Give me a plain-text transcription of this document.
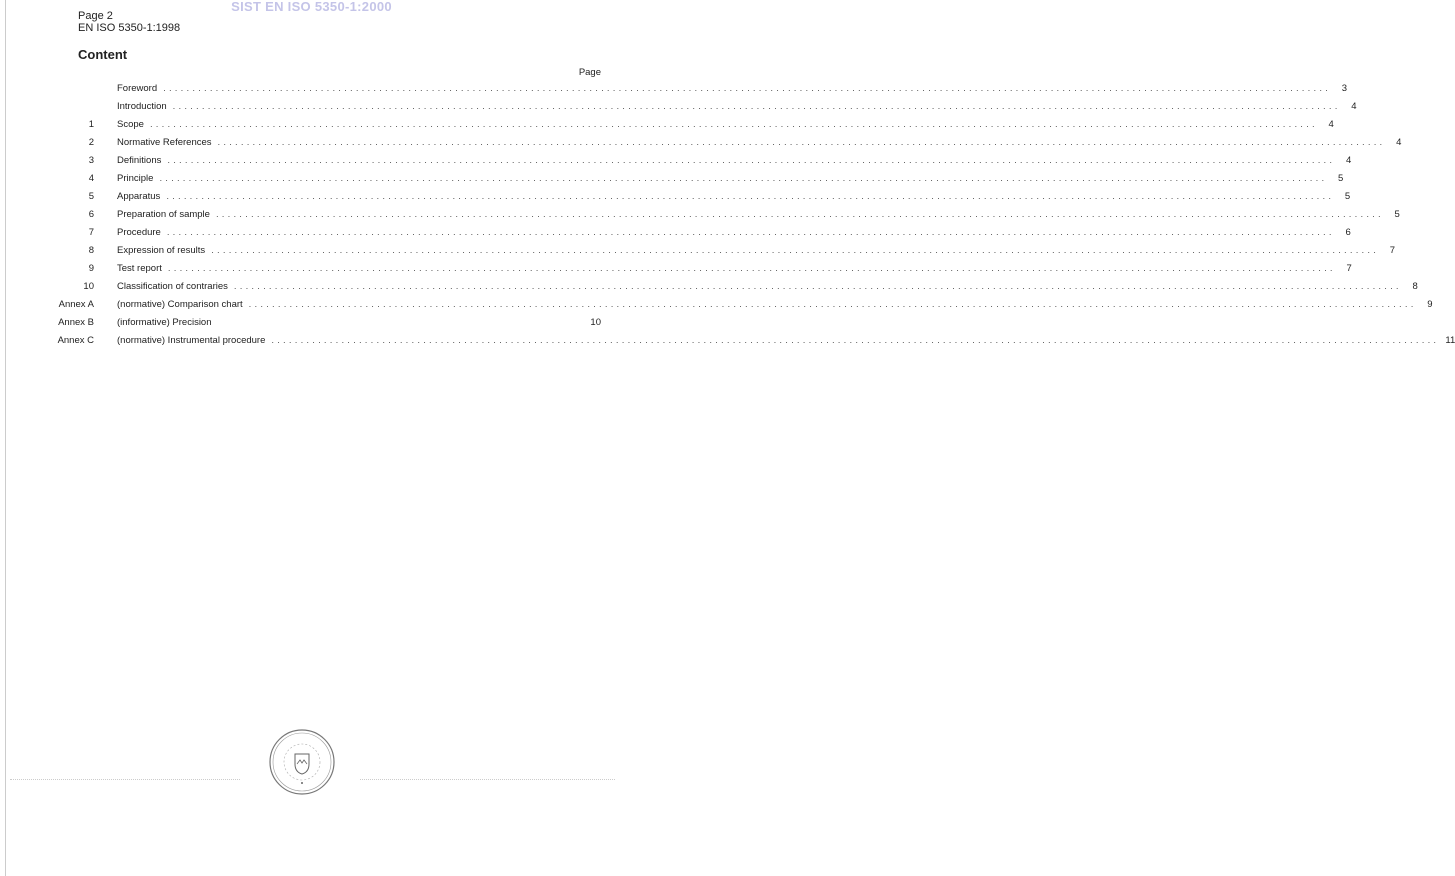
SIST EN ISO 5350-1:2000
Page 2
EN ISO 5350-1:1998
Content
Page
Foreword ........................................................................................................................................................................................................	3
Introduction ........................................................................................................................................................................................................	4
1 Scope ........................................................................................................................................................................................................	4
2 Normative References ........................................................................................................................................................................................................	4
3 Definitions ........................................................................................................................................................................................................	4
4 Principle ........................................................................................................................................................................................................	5
5 Apparatus ........................................................................................................................................................................................................	5
6 Preparation of sample ........................................................................................................................................................................................................	5
7 Procedure ........................................................................................................................................................................................................	6
8 Expression of results ........................................................................................................................................................................................................	7
9 Test report ........................................................................................................................................................................................................	7
10 Classification of contraries ........................................................................................................................................................................................................	8
Annex A (normative) Comparison chart ........................................................................................................................................................................................................	9
Annex B (informative) Precision	10
Annex C (normative) Instrumental procedure ........................................................................................................................................................................................................ 11
